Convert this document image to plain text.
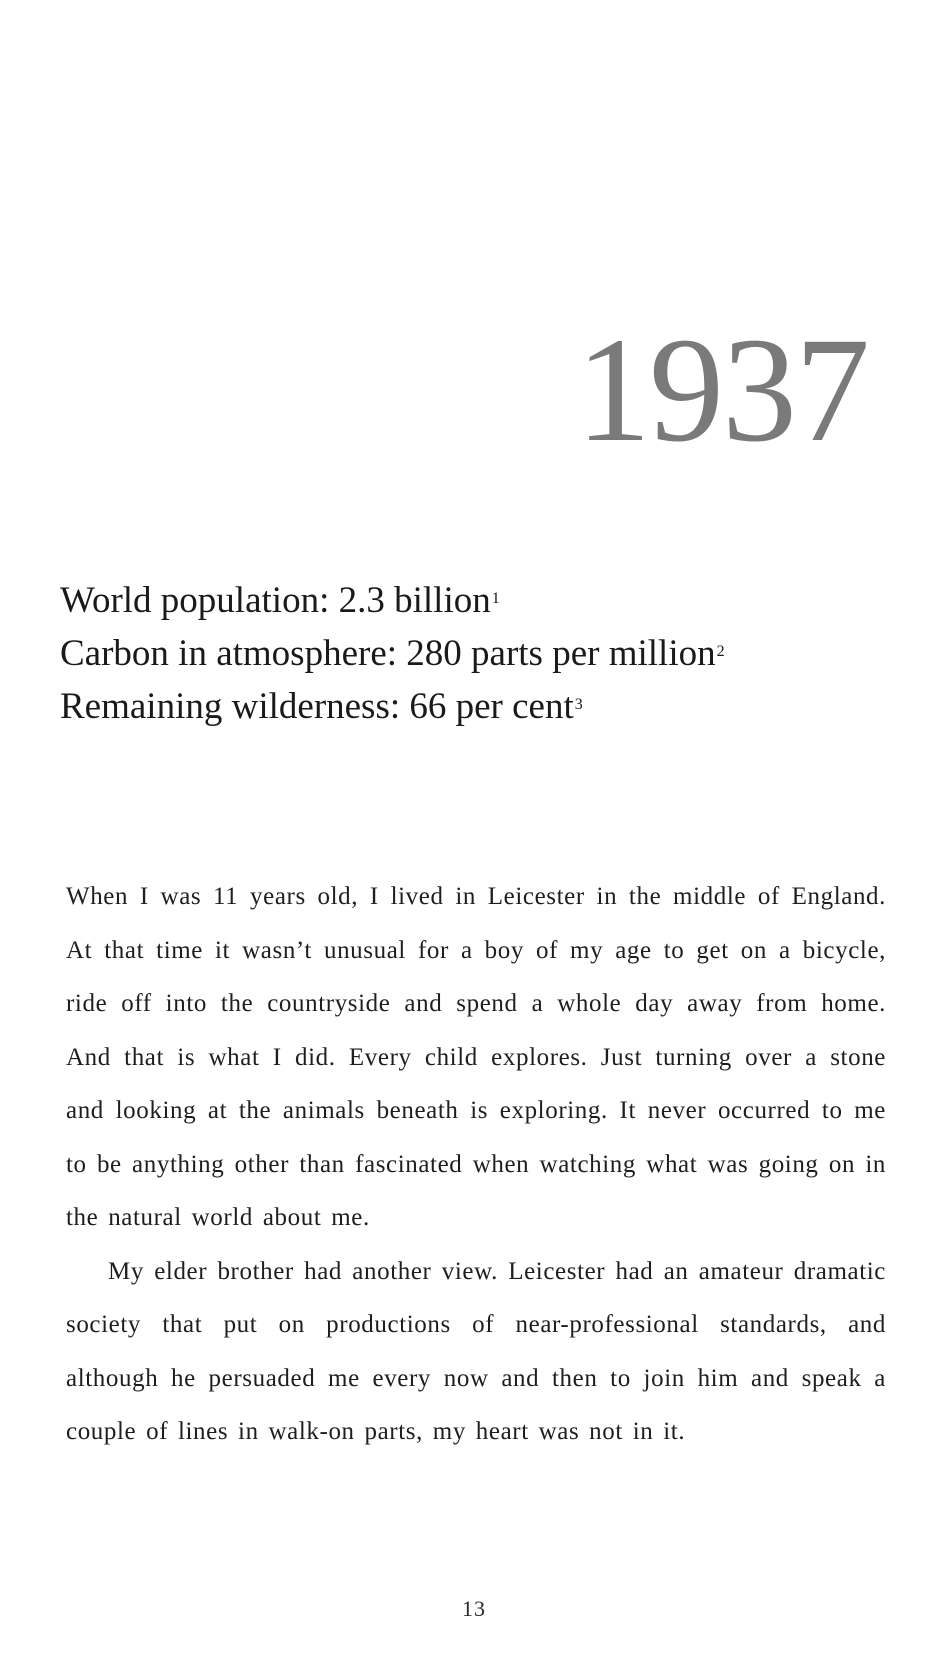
1937
World population: 2.3 billion$^1$
Carbon in atmosphere: 280 parts per million$^2$
Remaining wilderness: 66 per cent$^3$

When I was 11 years old, I lived in Leicester in the middle of England. At that time it wasn’t unusual for a boy of my age to get on a bicycle, ride off into the countryside and spend a whole day away from home. And that is what I did. Every child explores. Just turning over a stone and looking at the animals beneath is exploring. It never occurred to me to be anything other than fascinated when watching what was going on in the natural world about me.

My elder brother had another view. Leicester had an amateur dramatic society that put on productions of near-professional standards, and although he persuaded me every now and then to join him and speak a couple of lines in walk-on parts, my heart was not in it.

13
